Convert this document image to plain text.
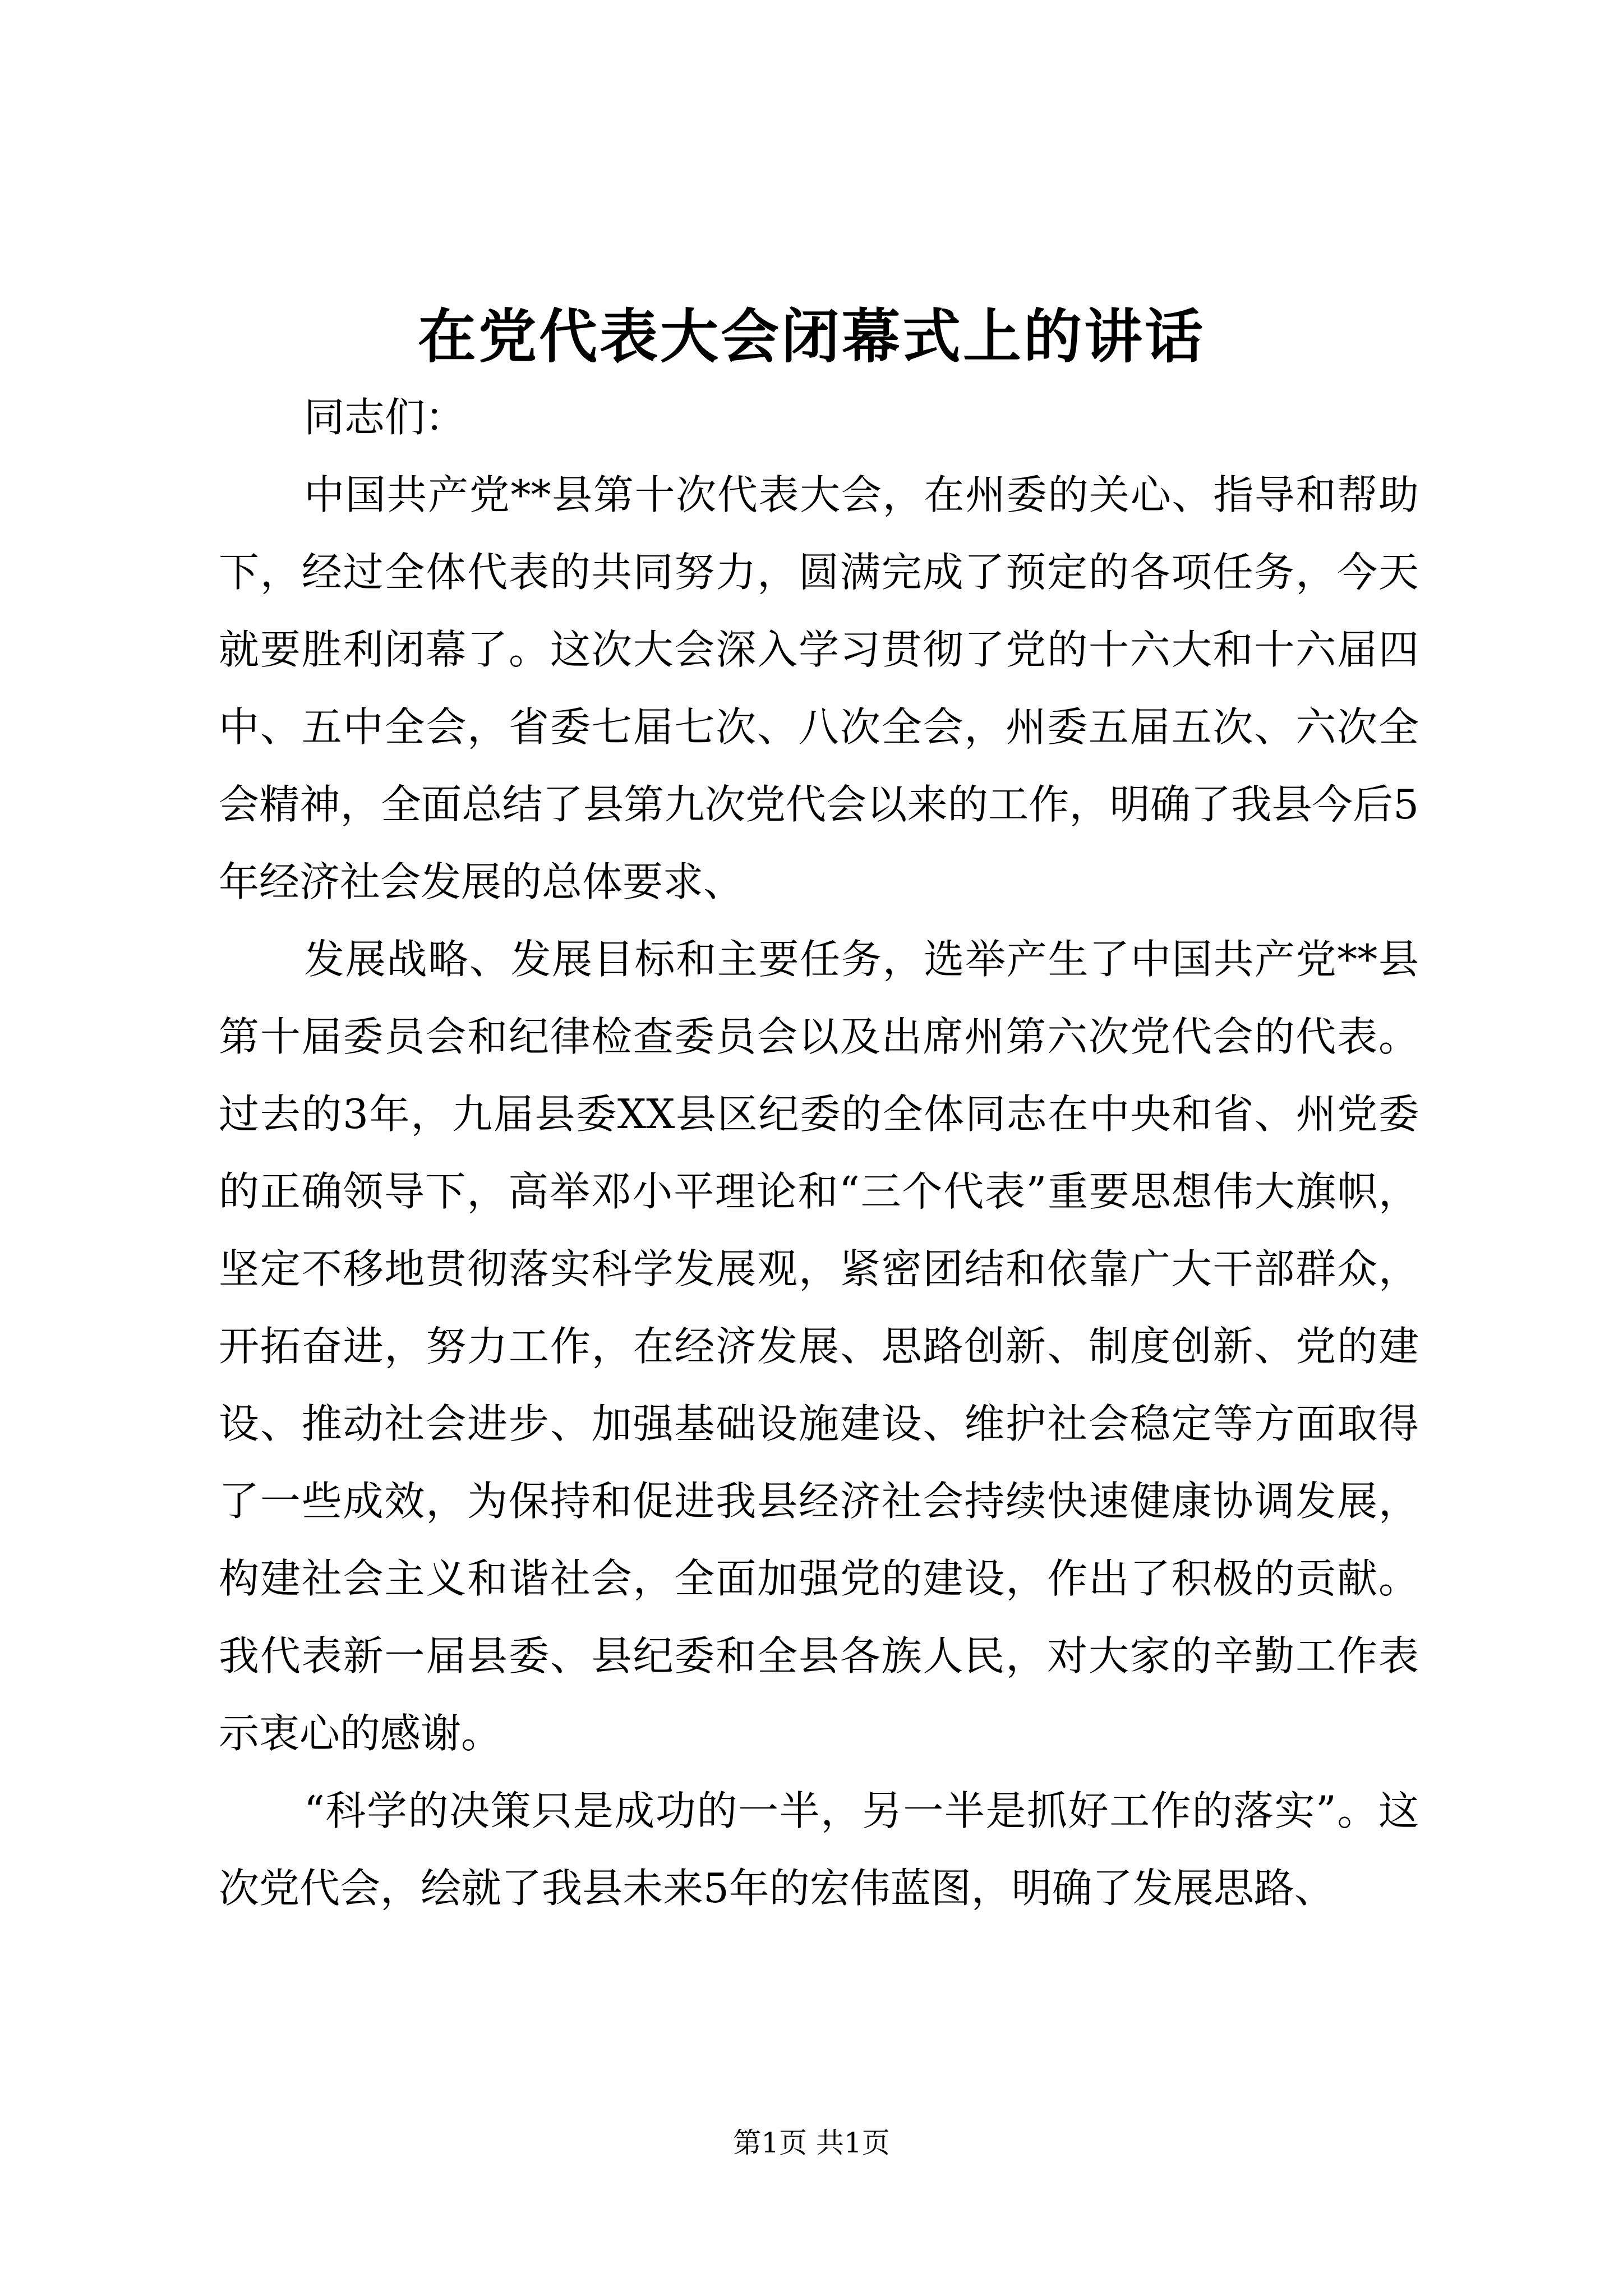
在党代表大会闭幕式上的讲话

同志们：

中国共产党**县第十次代表大会，在州委的关心、指导和帮助下，经过全体代表的共同努力，圆满完成了预定的各项任务，今天就要胜利闭幕了。这次大会深入学习贯彻了党的十六大和十六届四中、五中全会，省委七届七次、八次全会，州委五届五次、六次全会精神，全面总结了县第九次党代会以来的工作，明确了我县今后5年经济社会发展的总体要求、

发展战略、发展目标和主要任务，选举产生了中国共产党**县第十届委员会和纪律检查委员会以及出席州第六次党代会的代表。过去的3年，九届县委XX县区纪委的全体同志在中央和省、州党委的正确领导下，高举邓小平理论和“三个代表”重要思想伟大旗帜，坚定不移地贯彻落实科学发展观，紧密团结和依靠广大干部群众，开拓奋进，努力工作，在经济发展、思路创新、制度创新、党的建设、推动社会进步、加强基础设施建设、维护社会稳定等方面取得了一些成效，为保持和促进我县经济社会持续快速健康协调发展，构建社会主义和谐社会，全面加强党的建设，作出了积极的贡献。我代表新一届县委、县纪委和全县各族人民，对大家的辛勤工作表示衷心的感谢。

“科学的决策只是成功的一半，另一半是抓好工作的落实”。这次党代会，绘就了我县未来5年的宏伟蓝图，明确了发展思路、

第1页 共1页
